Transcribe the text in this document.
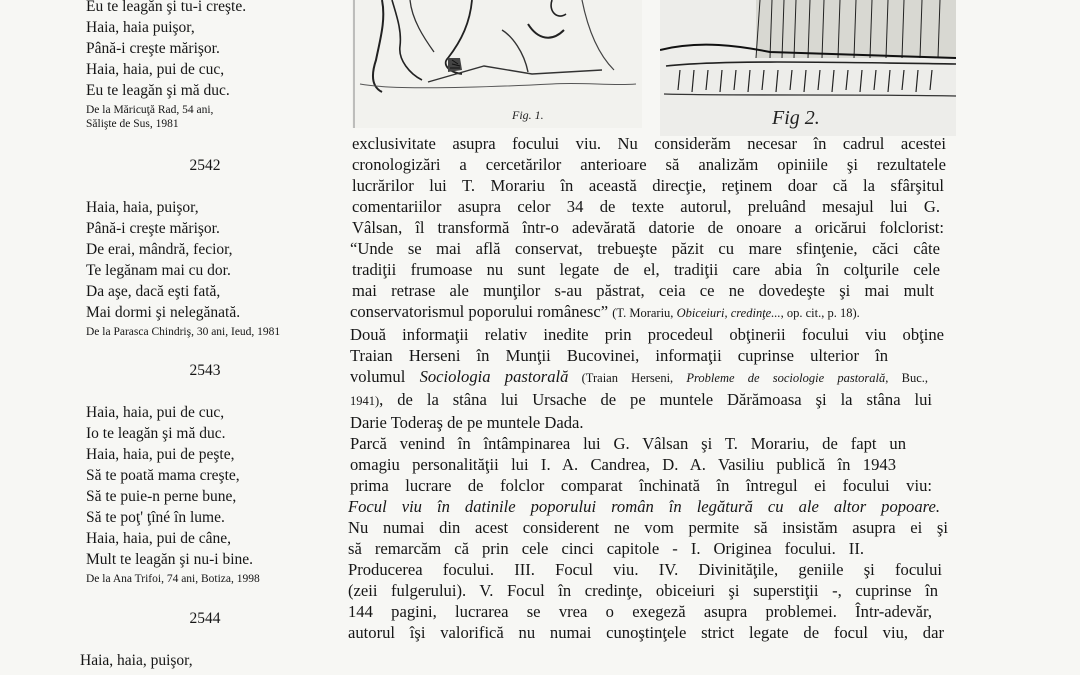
Eu te leagăn şi tu-i creşte.
Haia, haia puişor,
Până-i creşte mărişor.
Haia, haia, pui de cuc,
Eu te leagăn şi mă duc.
De la Măricuţă Rad, 54 ani,
Sălişte de Sus, 1981
2542
Haia, haia, puişor,
Până-i creşte mărişor.
De erai, mândră, fecior,
Te legănam mai cu dor.
Da aşe, dacă eşti fată,
Mai dormi şi nelegănată.
De la Parasca Chindriş, 30 ani, Ieud, 1981
2543
Haia, haia, pui de cuc,
Io te leagăn şi mă duc.
Haia, haia, pui de peşte,
Să te poată mama creşte,
Să te puie-n perne bune,
Să te poţ' ţîné în lume.
Haia, haia, pui de câne,
Mult te leagăn şi nu-i bine.
De la Ana Trifoi, 74 ani, Botiza, 1998
2544
Haia, haia, puişor,
Fig. 1.	Fig 2.
exclusivitate asupra focului viu. Nu considerăm necesar în cadrul acestei
cronologizări a cercetărilor anterioare să analizăm opiniile şi rezultatele
lucrărilor lui T. Morariu în această direcţie, reţinem doar că la sfârşitul
comentariilor asupra celor 34 de texte autorul, preluând mesajul lui G.
Vâlsan, îl transformă într-o adevărată datorie de onoare a oricărui folclorist:
“Unde se mai află conservat, trebueşte păzit cu mare sfinţenie, căci câte
tradiţii frumoase nu sunt legate de el, tradiţii care abia în colţurile cele
mai retrase ale munţilor s-au păstrat, ceia ce ne dovedeşte şi mai mult
conservatorismul poporului românesc” (T. Morariu, Obiceiuri, credinţe..., op. cit., p. 18).
Două informaţii relativ inedite prin procedeul obţinerii focului viu obţine
Traian Herseni în Munţii Bucovinei, informaţii cuprinse ulterior în
volumul Sociologia pastorală (Traian Herseni, Probleme de sociologie pastorală, Buc.,
1941), de la stâna lui Ursache de pe muntele Dărămoasa şi la stâna lui
Darie Toderaş de pe muntele Dada.
Parcă venind în întâmpinarea lui G. Vâlsan şi T. Morariu, de fapt un
omagiu personalităţii lui I. A. Candrea, D. A. Vasiliu publică în 1943
prima lucrare de folclor comparat închinată în întregul ei focului viu:
Focul viu în datinile poporului român în legătură cu ale altor popoare.
Nu numai din acest considerent ne vom permite să insistăm asupra ei şi
să remarcăm că prin cele cinci capitole - I. Originea focului. II.
Producerea focului. III. Focul viu. IV. Divinităţile, geniile şi focului
(zeii fulgerului). V. Focul în credinţe, obiceiuri şi superstiţii -, cuprinse în
144 pagini, lucrarea se vrea o exegeză asupra problemei. Într-adevăr,
autorul îşi valorifică nu numai cunoştinţele strict legate de focul viu, dar
